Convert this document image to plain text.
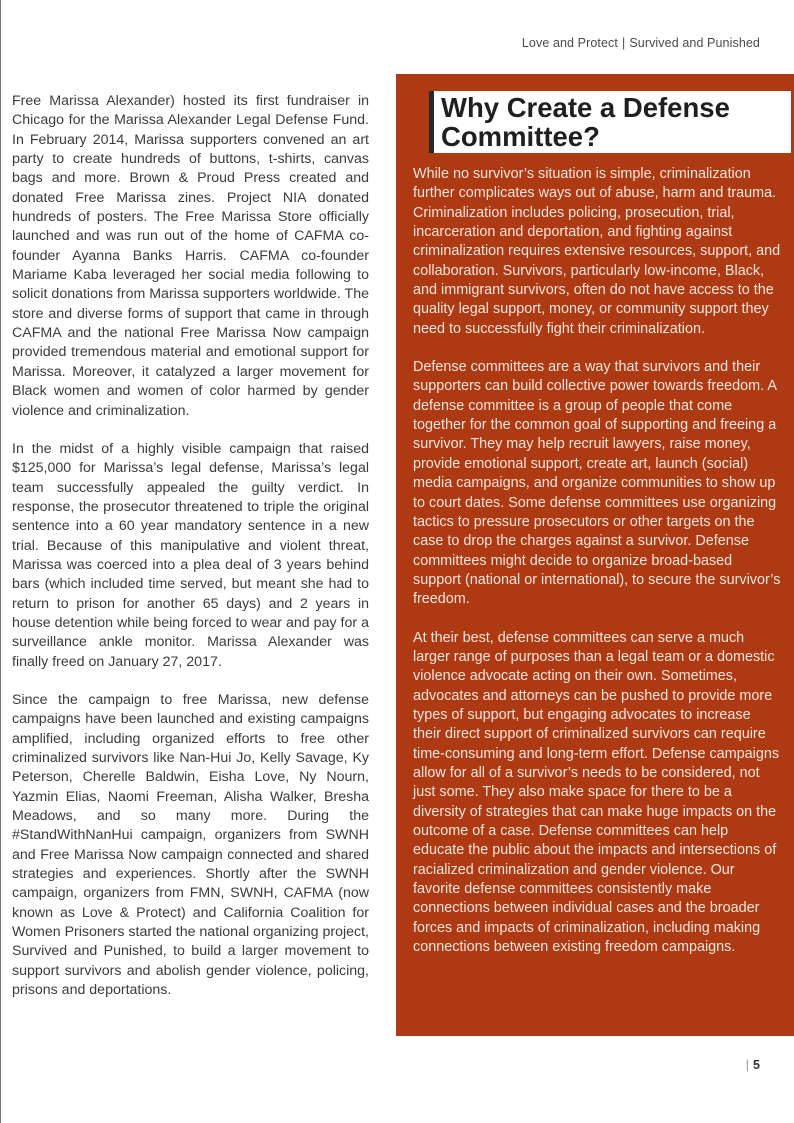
Love and Protect | Survived and Punished

Free Marissa Alexander) hosted its first fundraiser in Chicago for the Marissa Alexander Legal Defense Fund. In February 2014, Marissa supporters convened an art party to create hundreds of buttons, t-shirts, canvas bags and more. Brown & Proud Press created and donated Free Marissa zines. Project NIA donated hundreds of posters. The Free Marissa Store officially launched and was run out of the home of CAFMA co-founder Ayanna Banks Harris. CAFMA co-founder Mariame Kaba leveraged her social media following to solicit donations from Marissa supporters worldwide. The store and diverse forms of support that came in through CAFMA and the national Free Marissa Now campaign provided tremendous material and emotional support for Marissa. Moreover, it catalyzed a larger movement for Black women and women of color harmed by gender violence and criminalization.

In the midst of a highly visible campaign that raised $125,000 for Marissa’s legal defense, Marissa’s legal team successfully appealed the guilty verdict. In response, the prosecutor threatened to triple the original sentence into a 60 year mandatory sentence in a new trial. Because of this manipulative and violent threat, Marissa was coerced into a plea deal of 3 years behind bars (which included time served, but meant she had to return to prison for another 65 days) and 2 years in house detention while being forced to wear and pay for a surveillance ankle monitor. Marissa Alexander was finally freed on January 27, 2017.

Since the campaign to free Marissa, new defense campaigns have been launched and existing campaigns amplified, including organized efforts to free other criminalized survivors like Nan-Hui Jo, Kelly Savage, Ky Peterson, Cherelle Baldwin, Eisha Love, Ny Nourn, Yazmin Elias, Naomi Freeman, Alisha Walker, Bresha Meadows, and so many more. During the #StandWithNanHui campaign, organizers from SWNH and Free Marissa Now campaign connected and shared strategies and experiences. Shortly after the SWNH campaign, organizers from FMN, SWNH, CAFMA (now known as Love & Protect) and California Coalition for Women Prisoners started the national organizing project, Survived and Punished, to build a larger movement to support survivors and abolish gender violence, policing, prisons and deportations.

Why Create a Defense Committee?

While no survivor’s situation is simple, criminalization further complicates ways out of abuse, harm and trauma. Criminalization includes policing, prosecution, trial, incarceration and deportation, and fighting against criminalization requires extensive resources, support, and collaboration. Survivors, particularly low-income, Black, and immigrant survivors, often do not have access to the quality legal support, money, or community support they need to successfully fight their criminalization.

Defense committees are a way that survivors and their supporters can build collective power towards freedom. A defense committee is a group of people that come together for the common goal of supporting and freeing a survivor. They may help recruit lawyers, raise money, provide emotional support, create art, launch (social) media campaigns, and organize communities to show up to court dates. Some defense committees use organizing tactics to pressure prosecutors or other targets on the case to drop the charges against a survivor. Defense committees might decide to organize broad-based support (national or international), to secure the survivor’s freedom.

At their best, defense committees can serve a much larger range of purposes than a legal team or a domestic violence advocate acting on their own. Sometimes, advocates and attorneys can be pushed to provide more types of support, but engaging advocates to increase their direct support of criminalized survivors can require time-consuming and long-term effort. Defense campaigns allow for all of a survivor’s needs to be considered, not just some. They also make space for there to be a diversity of strategies that can make huge impacts on the outcome of a case. Defense committees can help educate the public about the impacts and intersections of racialized criminalization and gender violence. Our favorite defense committees consistently make connections between individual cases and the broader forces and impacts of criminalization, including making connections between existing freedom campaigns.

| 5
